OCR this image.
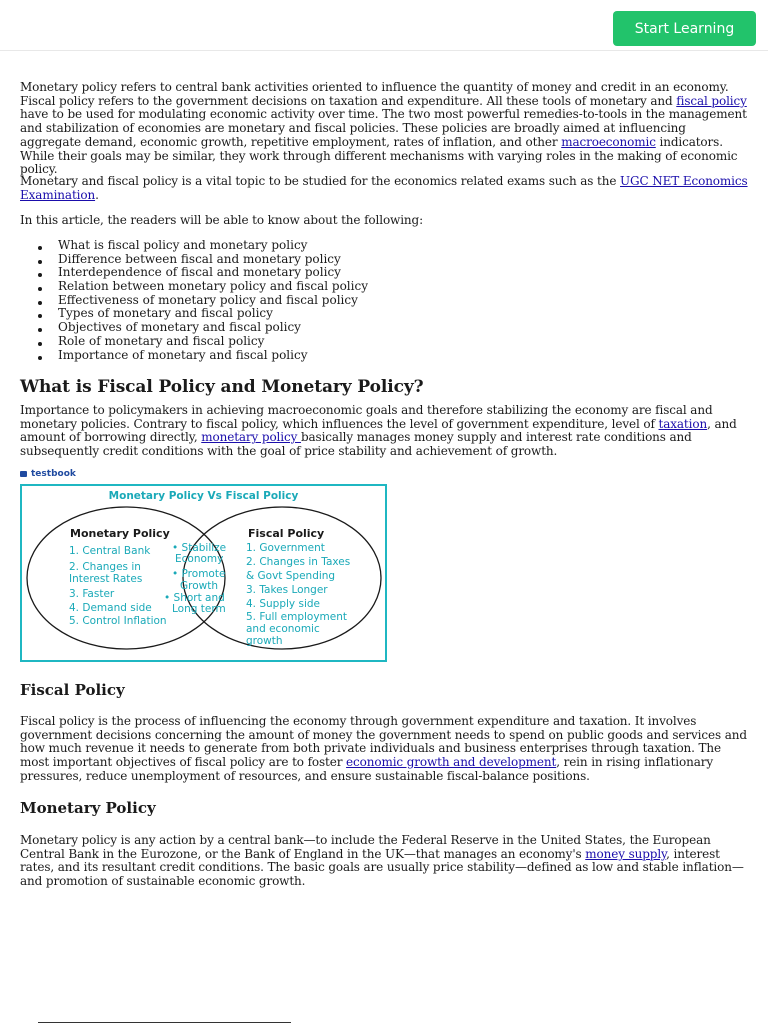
Start Learning

Monetary policy refers to central bank activities oriented to influence the quantity of money and credit in an economy. Fiscal policy refers to the government decisions on taxation and expenditure. All these tools of monetary and fiscal policy have to be used for modulating economic activity over time. The two most powerful remedies-to-tools in the management and stabilization of economies are monetary and fiscal policies. These policies are broadly aimed at influencing aggregate demand, economic growth, repetitive employment, rates of inflation, and other macroeconomic indicators. While their goals may be similar, they work through different mechanisms with varying roles in the making of economic policy.

Monetary and fiscal policy is a vital topic to be studied for the economics related exams such as the UGC NET Economics Examination.

In this article, the readers will be able to know about the following:

What is fiscal policy and monetary policy
Difference between fiscal and monetary policy
Interdependence of fiscal and monetary policy
Relation between monetary policy and fiscal policy
Effectiveness of monetary policy and fiscal policy
Types of monetary and fiscal policy
Objectives of monetary and fiscal policy
Role of monetary and fiscal policy
Importance of monetary and fiscal policy
What is Fiscal Policy and Monetary Policy?

Importance to policymakers in achieving macroeconomic goals and therefore stabilizing the economy are fiscal and monetary policies. Contrary to fiscal policy, which influences the level of government expenditure, level of taxation, and amount of borrowing directly, monetary policy basically manages money supply and interest rate conditions and subsequently credit conditions with the goal of price stability and achievement of growth.

testbook
Monetary Policy Vs Fiscal Policy
Monetary Policy
1. Central Bank
2. Changes in
Interest Rates
3. Faster
4. Demand side
5. Control Inflation
• Stabilize
Economy
• Promote
Growth
• Short and
Long term
Fiscal Policy
1. Government
2. Changes in Taxes
& Govt Spending
3. Takes Longer
4. Supply side
5. Full employment
and economic
growth
Fiscal Policy

Fiscal policy is the process of influencing the economy through government expenditure and taxation. It involves government decisions concerning the amount of money the government needs to spend on public goods and services and how much revenue it needs to generate from both private individuals and business enterprises through taxation. The most important objectives of fiscal policy are to foster economic growth and development, rein in rising inflationary pressures, reduce unemployment of resources, and ensure sustainable fiscal-balance positions.

Monetary Policy

Monetary policy is any action by a central bank—to include the Federal Reserve in the United States, the European Central Bank in the Eurozone, or the Bank of England in the UK—that manages an economy's money supply, interest rates, and its resultant credit conditions. The basic goals are usually price stability—defined as low and stable inflation—and promotion of sustainable economic growth.
